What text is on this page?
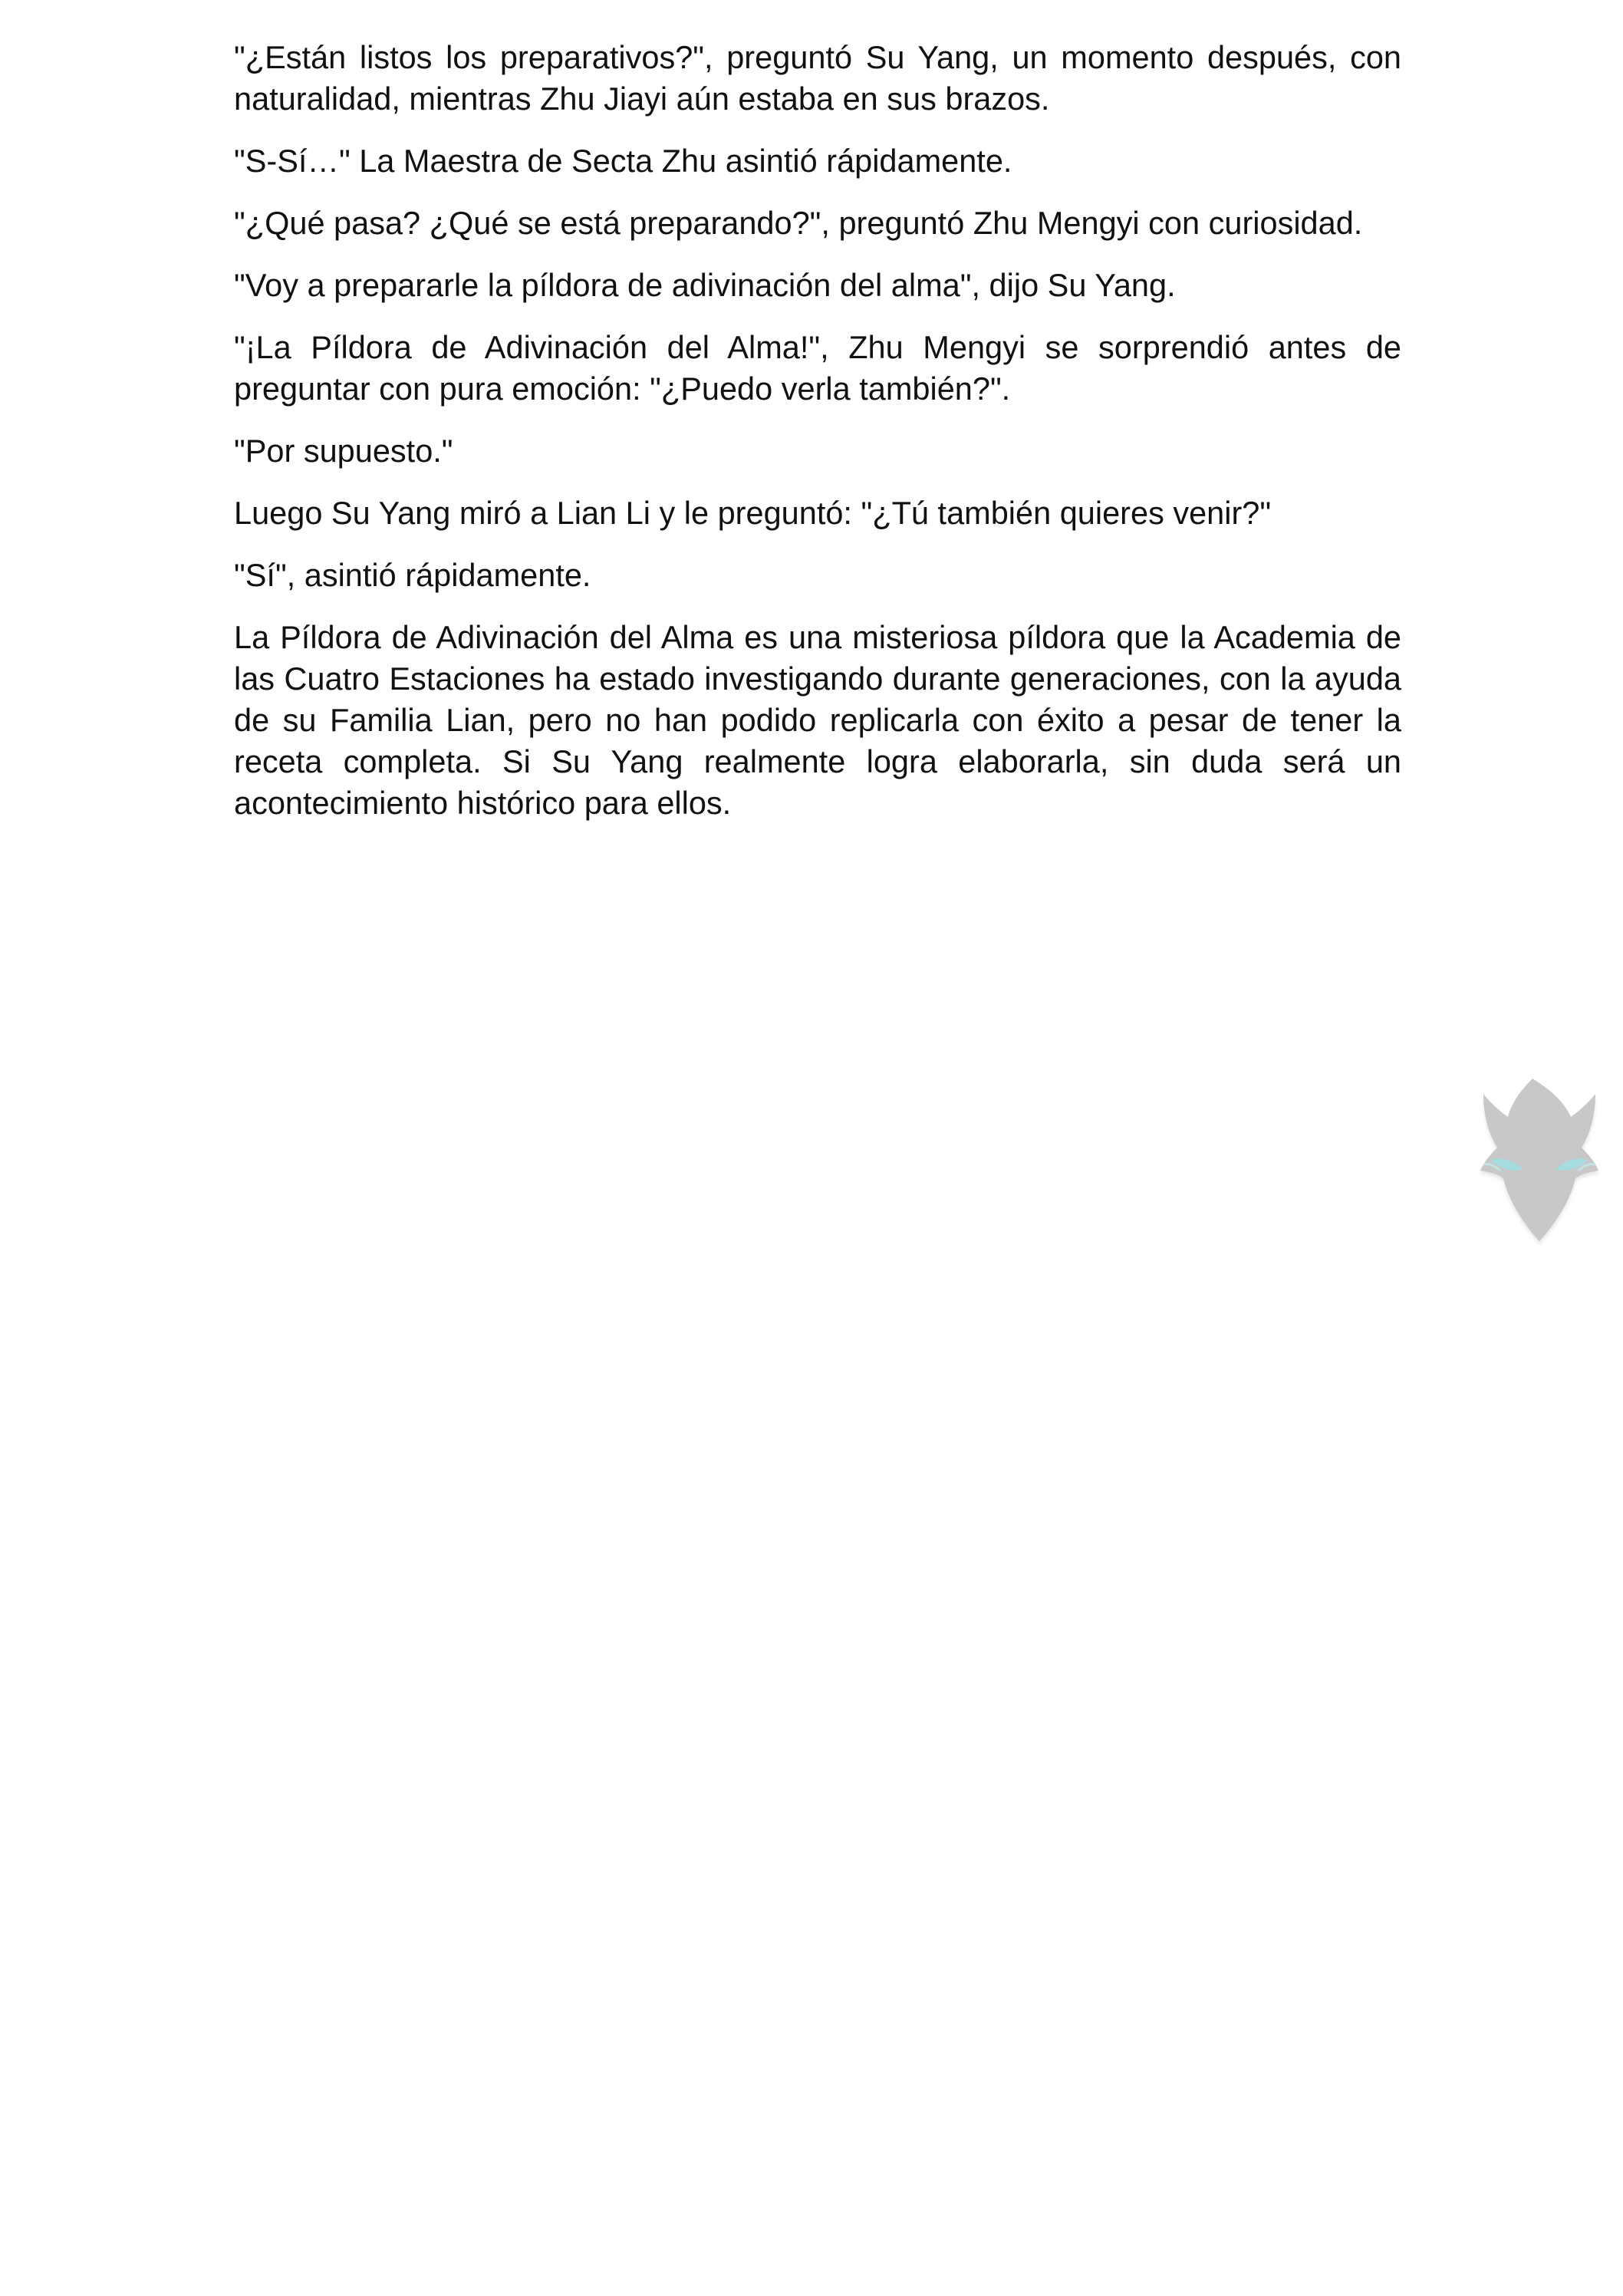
"¿Están listos los preparativos?", preguntó Su Yang, un momento después, con naturalidad, mientras Zhu Jiayi aún estaba en sus brazos.

"S-Sí…" La Maestra de Secta Zhu asintió rápidamente.

"¿Qué pasa? ¿Qué se está preparando?", preguntó Zhu Mengyi con curiosidad.

"Voy a prepararle la píldora de adivinación del alma", dijo Su Yang.

"¡La Píldora de Adivinación del Alma!", Zhu Mengyi se sorprendió antes de preguntar con pura emoción: "¿Puedo verla también?".

"Por supuesto."

Luego Su Yang miró a Lian Li y le preguntó: "¿Tú también quieres venir?"

"Sí", asintió rápidamente.

La Píldora de Adivinación del Alma es una misteriosa píldora que la Academia de las Cuatro Estaciones ha estado investigando durante generaciones, con la ayuda de su Familia Lian, pero no han podido replicarla con éxito a pesar de tener la receta completa. Si Su Yang realmente logra elaborarla, sin duda será un acontecimiento histórico para ellos.
